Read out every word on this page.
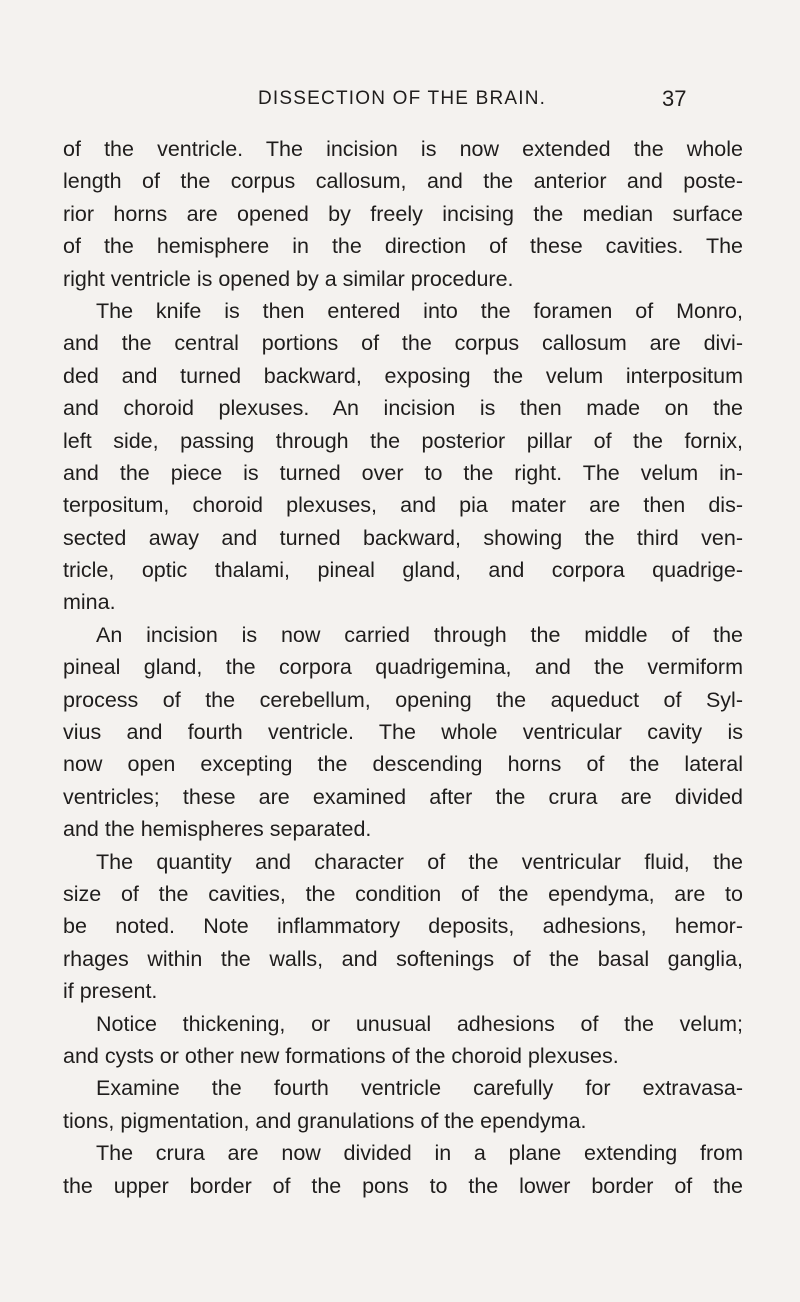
DISSECTION OF THE BRAIN.	37
of the ventricle. The incision is now extended the whole
length of the corpus callosum, and the anterior and poste-
rior horns are opened by freely incising the median surface
of the hemisphere in the direction of these cavities. The
right ventricle is opened by a similar procedure.
The knife is then entered into the foramen of Monro,
and the central portions of the corpus callosum are divi-
ded and turned backward, exposing the velum interpositum
and choroid plexuses. An incision is then made on the
left side, passing through the posterior pillar of the fornix,
and the piece is turned over to the right. The velum in-
terpositum, choroid plexuses, and pia mater are then dis-
sected away and turned backward, showing the third ven-
tricle, optic thalami, pineal gland, and corpora quadrige-
mina.
An incision is now carried through the middle of the
pineal gland, the corpora quadrigemina, and the vermiform
process of the cerebellum, opening the aqueduct of Syl-
vius and fourth ventricle. The whole ventricular cavity is
now open excepting the descending horns of the lateral
ventricles; these are examined after the crura are divided
and the hemispheres separated.
The quantity and character of the ventricular fluid, the
size of the cavities, the condition of the ependyma, are to
be noted. Note inflammatory deposits, adhesions, hemor-
rhages within the walls, and softenings of the basal ganglia,
if present.
Notice thickening, or unusual adhesions of the velum;
and cysts or other new formations of the choroid plexuses.
Examine the fourth ventricle carefully for extravasa-
tions, pigmentation, and granulations of the ependyma.
The crura are now divided in a plane extending from
the upper border of the pons to the lower border of the
